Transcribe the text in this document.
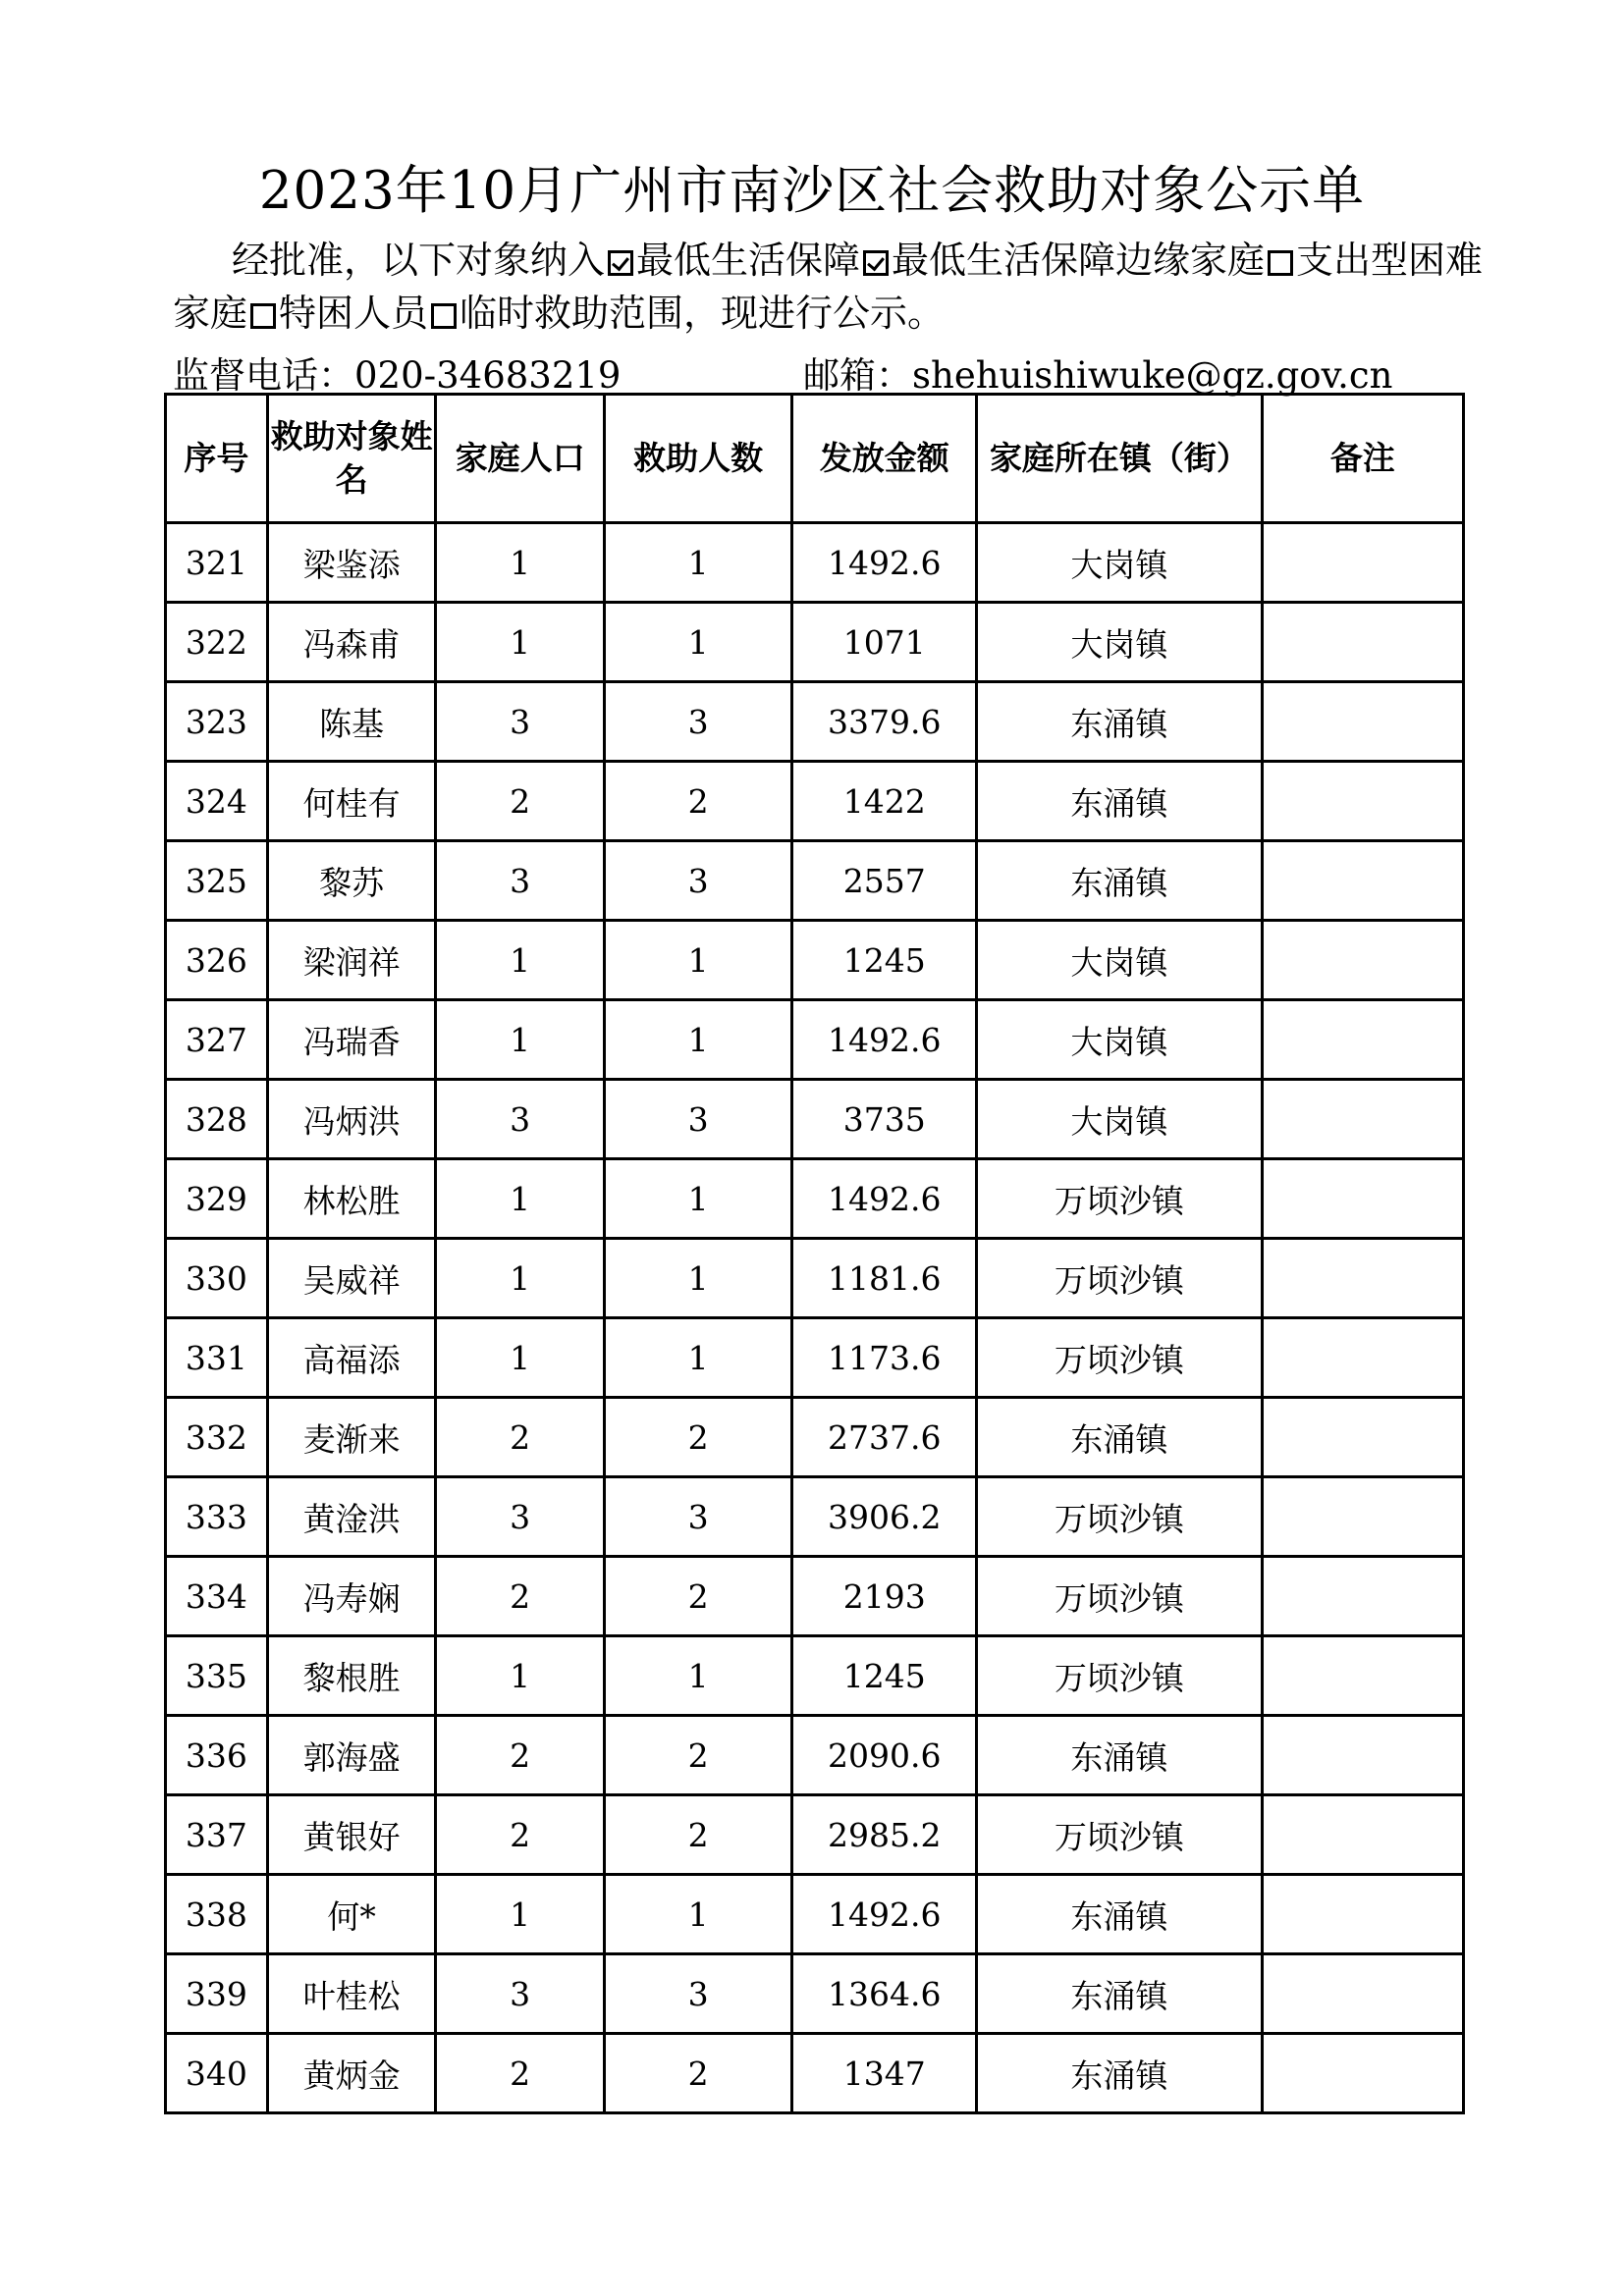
2023年10月广州市南沙区社会救助对象公示单
经批准，以下对象纳入 最低生活保障 最低生活保障边缘家庭 支出型困难家庭 特困人员 临时救助范围，现进行公示。
监督电话：020-34683219	邮箱：shehuishiwuke@gz.gov.cn
序号	救助对象姓名	家庭人口	救助人数	发放金额	家庭所在镇（街）	备注
321	梁鉴添	1	1	1492.6	大岗镇	
322	冯森甫	1	1	1071	大岗镇	
323	陈基	3	3	3379.6	东涌镇	
324	何桂有	2	2	1422	东涌镇	
325	黎苏	3	3	2557	东涌镇	
326	梁润祥	1	1	1245	大岗镇	
327	冯瑞香	1	1	1492.6	大岗镇	
328	冯炳洪	3	3	3735	大岗镇	
329	林松胜	1	1	1492.6	万顷沙镇	
330	吴威祥	1	1	1181.6	万顷沙镇	
331	高福添	1	1	1173.6	万顷沙镇	
332	麦渐来	2	2	2737.6	东涌镇	
333	黄淦洪	3	3	3906.2	万顷沙镇	
334	冯寿娴	2	2	2193	万顷沙镇	
335	黎根胜	1	1	1245	万顷沙镇	
336	郭海盛	2	2	2090.6	东涌镇	
337	黄银好	2	2	2985.2	万顷沙镇	
338	何*	1	1	1492.6	东涌镇	
339	叶桂松	3	3	1364.6	东涌镇	
340	黄炳金	2	2	1347	东涌镇	
